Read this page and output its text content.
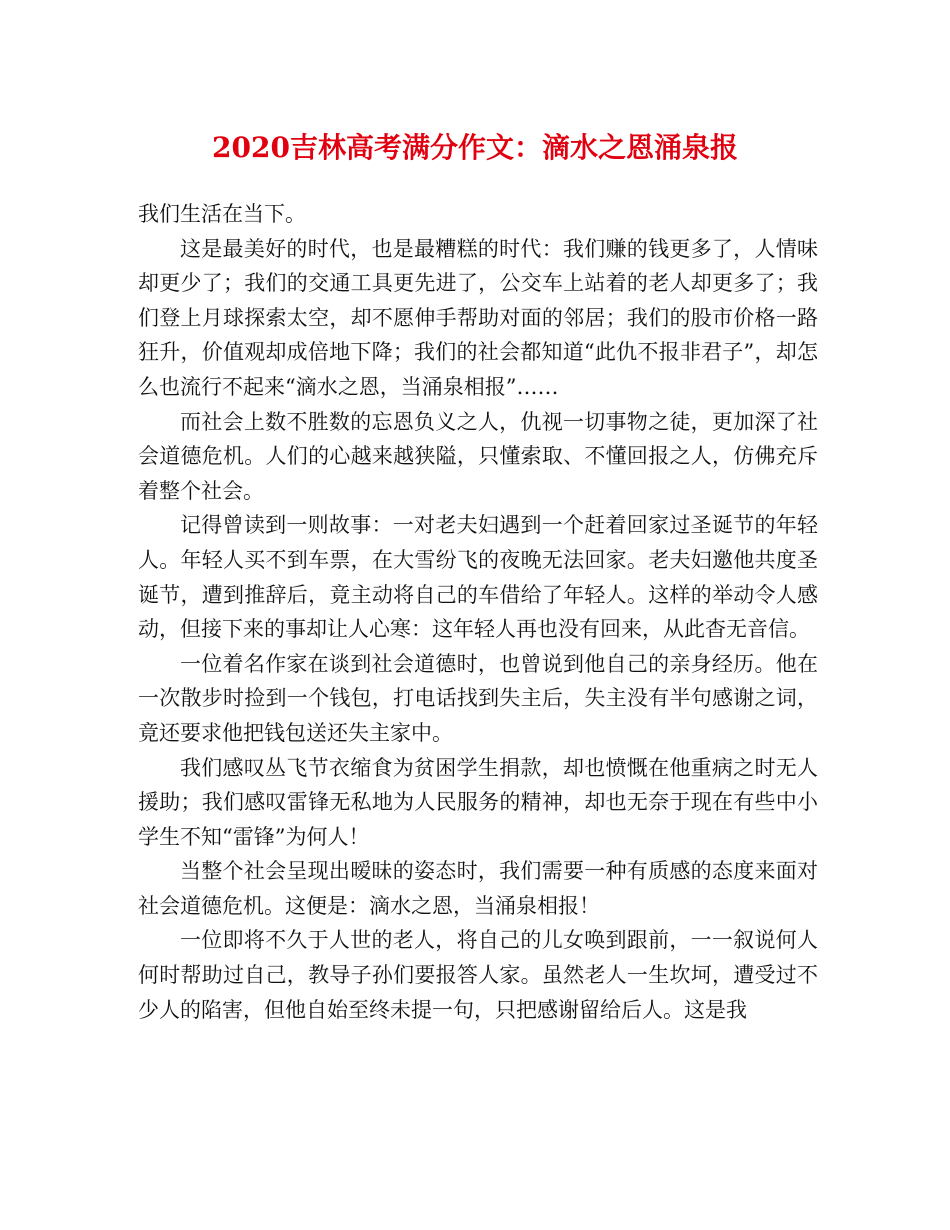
2020吉林高考满分作文：滴水之恩涌泉报

我们生活在当下。

这是最美好的时代，也是最糟糕的时代：我们赚的钱更多了，人情味却更少了；我们的交通工具更先进了，公交车上站着的老人却更多了；我们登上月球探索太空，却不愿伸手帮助对面的邻居；我们的股市价格一路狂升，价值观却成倍地下降；我们的社会都知道“此仇不报非君子”，却怎么也流行不起来“滴水之恩，当涌泉相报”……

而社会上数不胜数的忘恩负义之人，仇视一切事物之徒，更加深了社会道德危机。人们的心越来越狭隘，只懂索取、不懂回报之人，仿佛充斥着整个社会。

记得曾读到一则故事：一对老夫妇遇到一个赶着回家过圣诞节的年轻人。年轻人买不到车票，在大雪纷飞的夜晚无法回家。老夫妇邀他共度圣诞节，遭到推辞后，竟主动将自己的车借给了年轻人。这样的举动令人感动，但接下来的事却让人心寒：这年轻人再也没有回来，从此杳无音信。

一位着名作家在谈到社会道德时，也曾说到他自己的亲身经历。他在一次散步时捡到一个钱包，打电话找到失主后，失主没有半句感谢之词，竟还要求他把钱包送还失主家中。

我们感叹丛飞节衣缩食为贫困学生捐款，却也愤慨在他重病之时无人援助；我们感叹雷锋无私地为人民服务的精神，却也无奈于现在有些中小学生不知“雷锋”为何人！

当整个社会呈现出暧昧的姿态时，我们需要一种有质感的态度来面对社会道德危机。这便是：滴水之恩，当涌泉相报！

一位即将不久于人世的老人，将自己的儿女唤到跟前，一一叙说何人何时帮助过自己，教导子孙们要报答人家。虽然老人一生坎坷，遭受过不少人的陷害，但他自始至终未提一句，只把感谢留给后人。这是我
